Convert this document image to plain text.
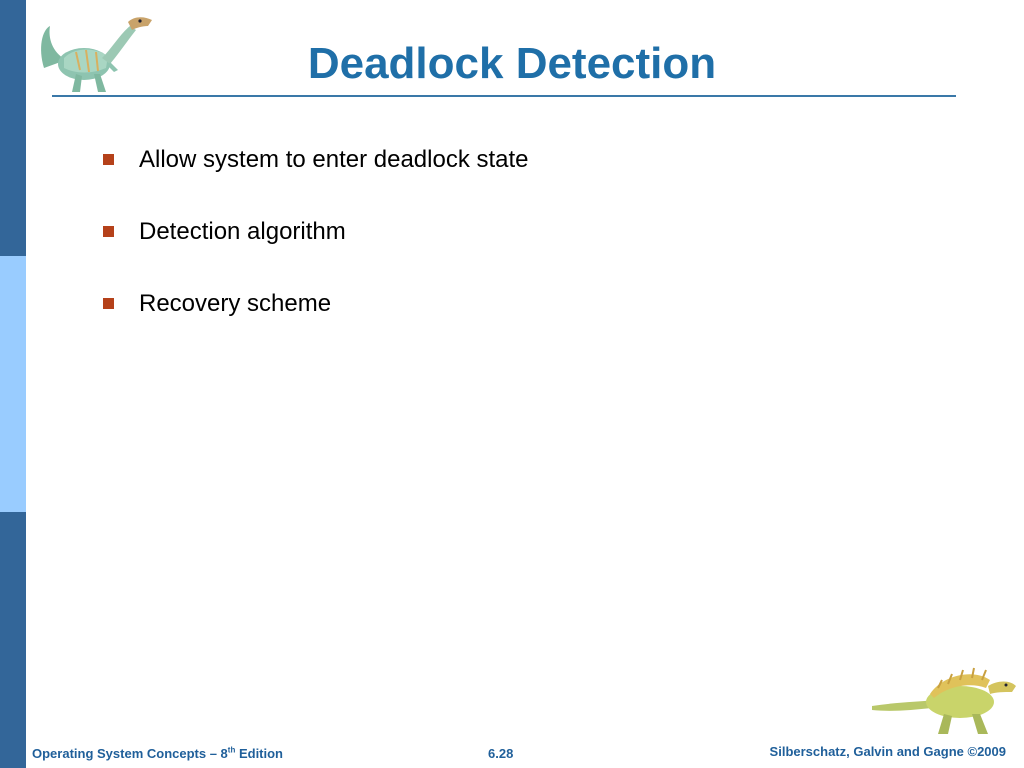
Deadlock Detection
Allow system to enter deadlock state
Detection algorithm
Recovery scheme
Operating System Concepts – 8th Edition	6.28	Silberschatz, Galvin and Gagne ©2009
